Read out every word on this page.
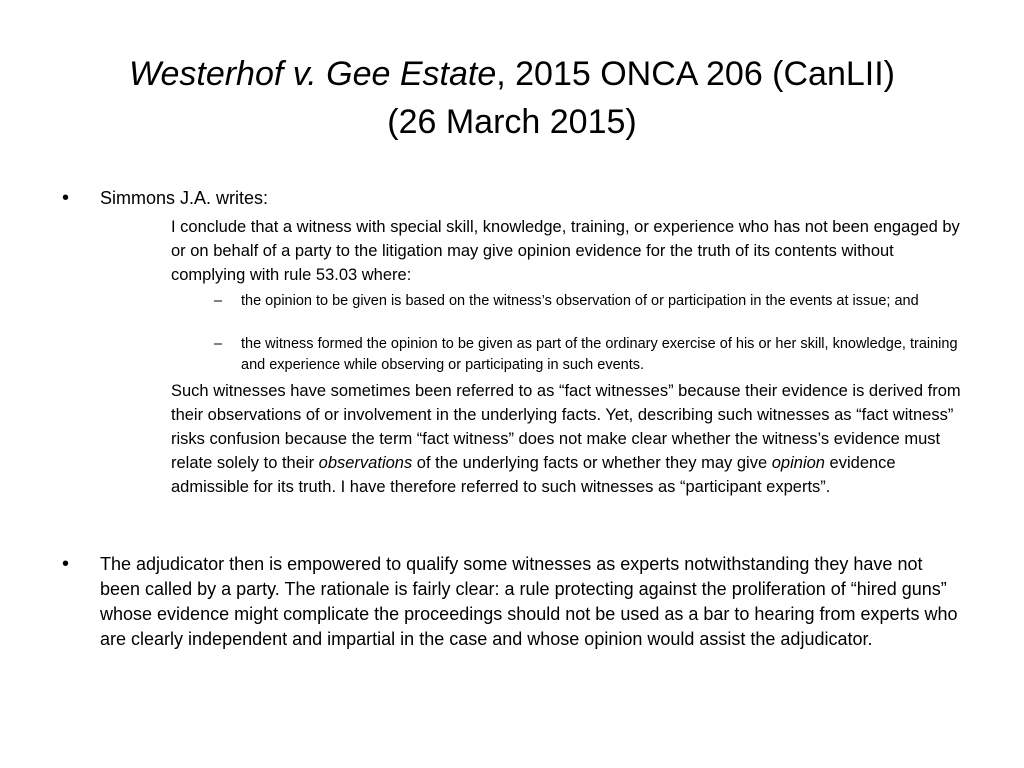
Westerhof v. Gee Estate, 2015 ONCA 206 (CanLII)
(26 March 2015)
• Simmons J.A. writes:
I conclude that a witness with special skill, knowledge, training, or experience who has not been engaged by or on behalf of a party to the litigation may give opinion evidence for the truth of its contents without complying with rule 53.03 where:
– the opinion to be given is based on the witness’s observation of or participation in the events at issue; and
– the witness formed the opinion to be given as part of the ordinary exercise of his or her skill, knowledge, training and experience while observing or participating in such events.
Such witnesses have sometimes been referred to as “fact witnesses” because their evidence is derived from their observations of or involvement in the underlying facts. Yet, describing such witnesses as “fact witness” risks confusion because the term “fact witness” does not make clear whether the witness’s evidence must relate solely to their observations of the underlying facts or whether they may give opinion evidence admissible for its truth. I have therefore referred to such witnesses as “participant experts”.
• The adjudicator then is empowered to qualify some witnesses as experts notwithstanding they have not been called by a party. The rationale is fairly clear: a rule protecting against the proliferation of “hired guns” whose evidence might complicate the proceedings should not be used as a bar to hearing from experts who are clearly independent and impartial in the case and whose opinion would assist the adjudicator.
